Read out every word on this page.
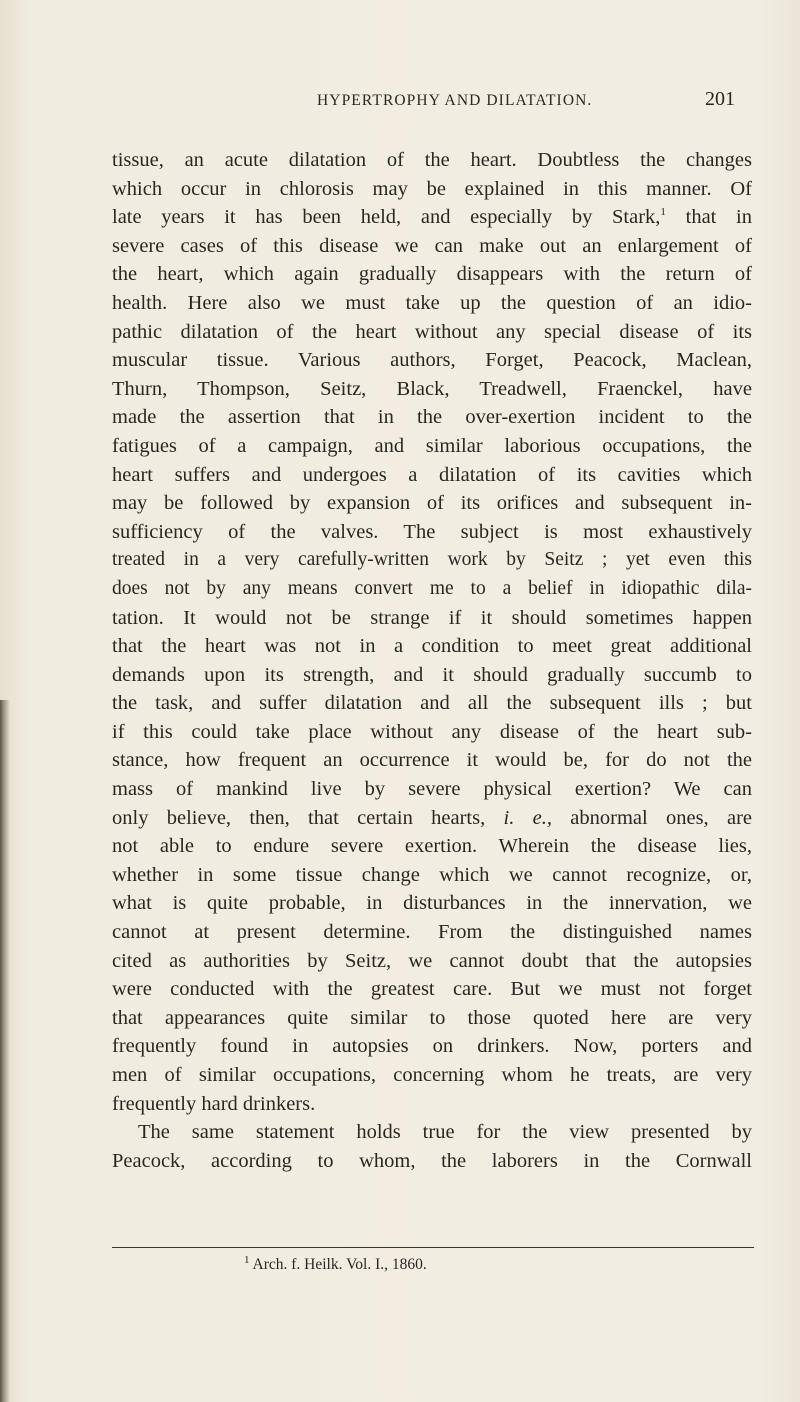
HYPERTROPHY AND DILATATION.	201
tissue, an acute dilatation of the heart. Doubtless the changes
which occur in chlorosis may be explained in this manner. Of
late years it has been held, and especially by Stark,$^1$ that in
severe cases of this disease we can make out an enlargement of
the heart, which again gradually disappears with the return of
health. Here also we must take up the question of an idio-
pathic dilatation of the heart without any special disease of its
muscular tissue. Various authors, Forget, Peacock, Maclean,
Thurn, Thompson, Seitz, Black, Treadwell, Fraenckel, have
made the assertion that in the over-exertion incident to the
fatigues of a campaign, and similar laborious occupations, the
heart suffers and undergoes a dilatation of its cavities which
may be followed by expansion of its orifices and subsequent in-
sufficiency of the valves. The subject is most exhaustively
treated in a very carefully-written work by Seitz ; yet even this
does not by any means convert me to a belief in idiopathic dila-
tation. It would not be strange if it should sometimes happen
that the heart was not in a condition to meet great additional
demands upon its strength, and it should gradually succumb to
the task, and suffer dilatation and all the subsequent ills ; but
if this could take place without any disease of the heart sub-
stance, how frequent an occurrence it would be, for do not the
mass of mankind live by severe physical exertion? We can
only believe, then, that certain hearts, i. e., abnormal ones, are
not able to endure severe exertion. Wherein the disease lies,
whether in some tissue change which we cannot recognize, or,
what is quite probable, in disturbances in the innervation, we
cannot at present determine. From the distinguished names
cited as authorities by Seitz, we cannot doubt that the autopsies
were conducted with the greatest care. But we must not forget
that appearances quite similar to those quoted here are very
frequently found in autopsies on drinkers. Now, porters and
men of similar occupations, concerning whom he treats, are very
frequently hard drinkers.
The same statement holds true for the view presented by
Peacock, according to whom, the laborers in the Cornwall
$^1$ Arch. f. Heilk. Vol. I., 1860.
